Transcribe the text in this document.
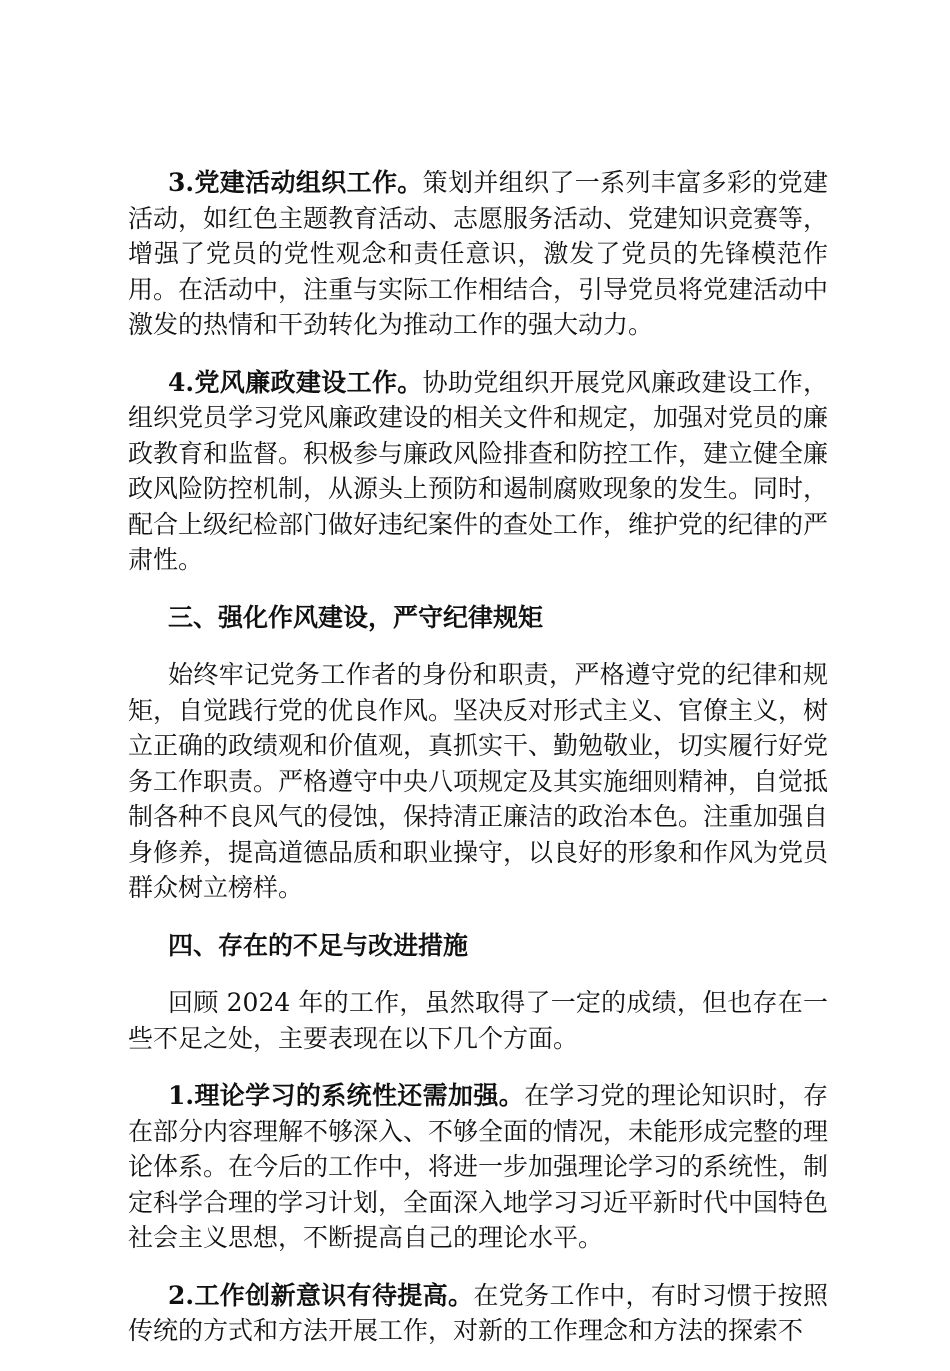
3.党建活动组织工作。策划并组织了一系列丰富多彩的党建活动，如红色主题教育活动、志愿服务活动、党建知识竞赛等，增强了党员的党性观念和责任意识，激发了党员的先锋模范作用。在活动中，注重与实际工作相结合，引导党员将党建活动中激发的热情和干劲转化为推动工作的强大动力。

4.党风廉政建设工作。协助党组织开展党风廉政建设工作，组织党员学习党风廉政建设的相关文件和规定，加强对党员的廉政教育和监督。积极参与廉政风险排查和防控工作，建立健全廉政风险防控机制，从源头上预防和遏制腐败现象的发生。同时，配合上级纪检部门做好违纪案件的查处工作，维护党的纪律的严肃性。

三、强化作风建设，严守纪律规矩

始终牢记党务工作者的身份和职责，严格遵守党的纪律和规矩，自觉践行党的优良作风。坚决反对形式主义、官僚主义，树立正确的政绩观和价值观，真抓实干、勤勉敬业，切实履行好党务工作职责。严格遵守中央八项规定及其实施细则精神，自觉抵制各种不良风气的侵蚀，保持清正廉洁的政治本色。注重加强自身修养，提高道德品质和职业操守，以良好的形象和作风为党员群众树立榜样。

四、存在的不足与改进措施

回顾 2024 年的工作，虽然取得了一定的成绩，但也存在一些不足之处，主要表现在以下几个方面。

1.理论学习的系统性还需加强。在学习党的理论知识时，存在部分内容理解不够深入、不够全面的情况，未能形成完整的理论体系。在今后的工作中，将进一步加强理论学习的系统性，制定科学合理的学习计划，全面深入地学习习近平新时代中国特色社会主义思想，不断提高自己的理论水平。

2.工作创新意识有待提高。在党务工作中，有时习惯于按照传统的方式和方法开展工作，对新的工作理念和方法的探索不
